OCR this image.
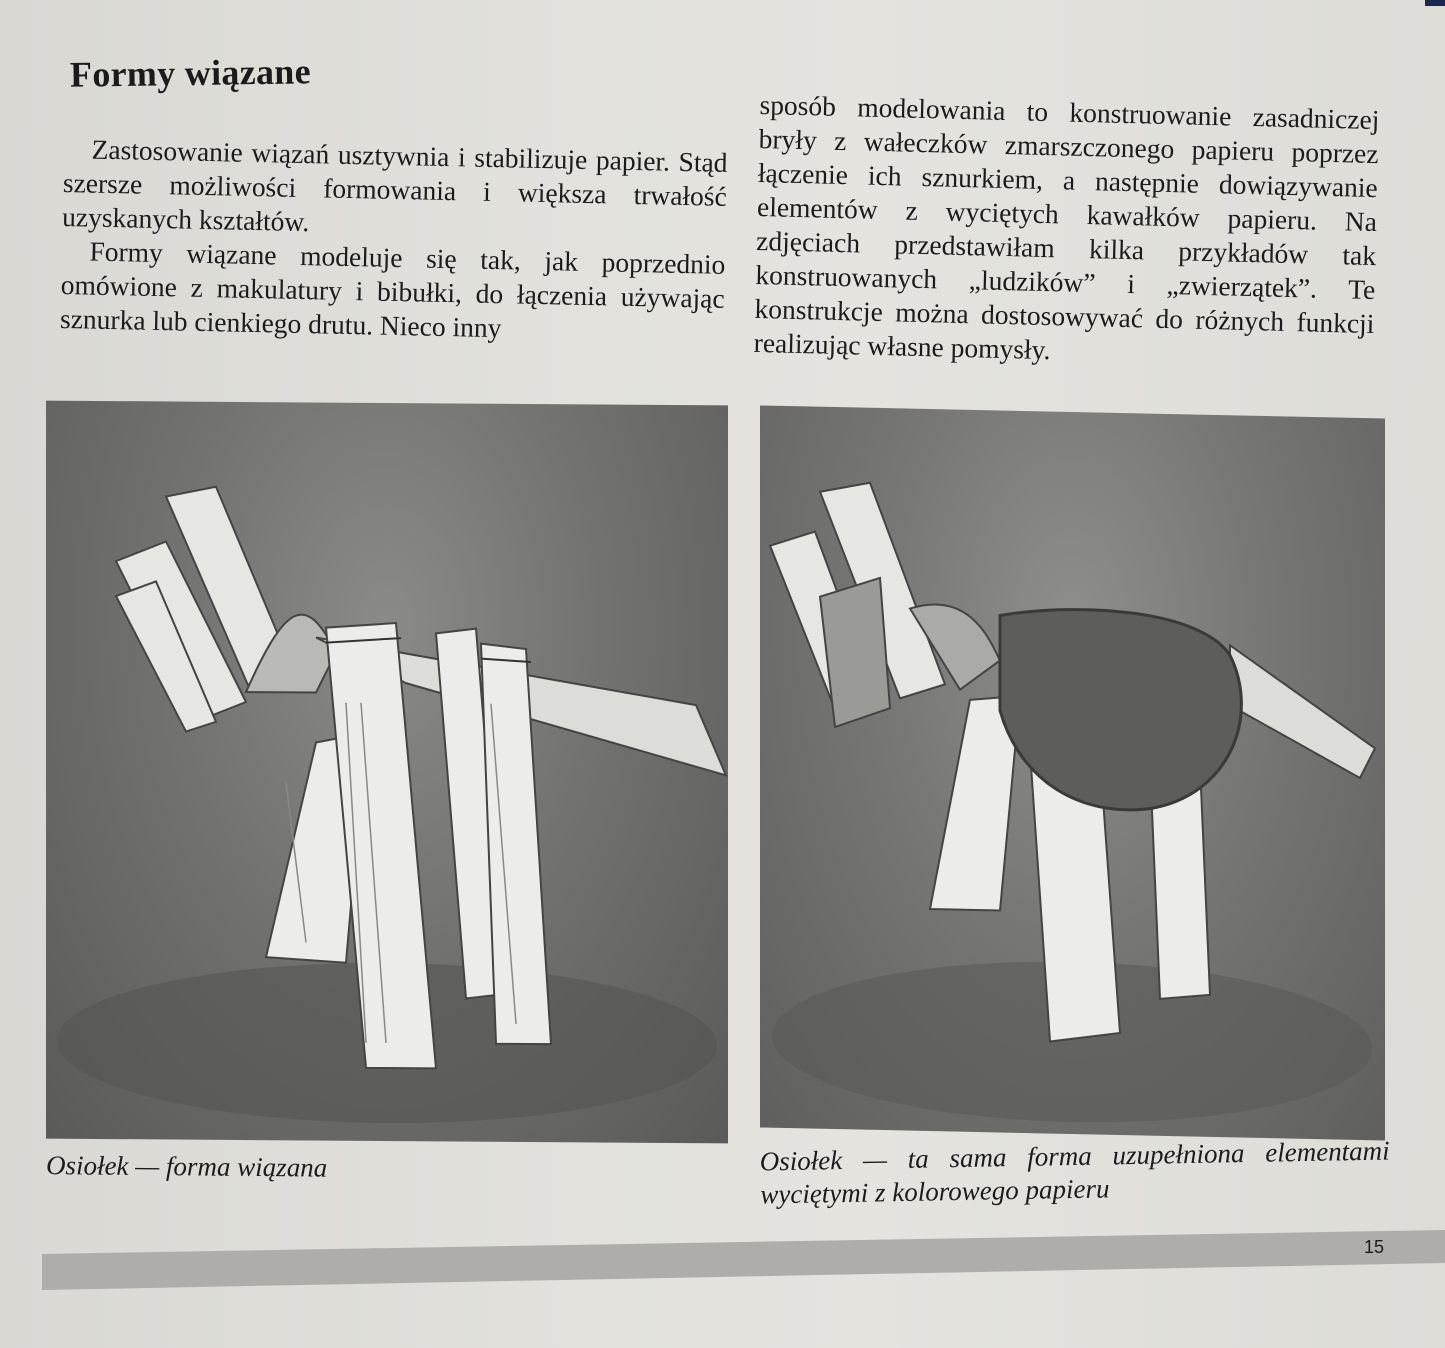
Formy wiązane

Zastosowanie wiązań usztywnia i stabilizuje papier. Stąd szersze możliwości formowania i większa trwałość uzyskanych kształtów.

Formy wiązane modeluje się tak, jak poprzednio omówione z makulatury i bibułki, do łączenia używając sznurka lub cienkiego drutu. Nieco inny

sposób modelowania to konstruowanie zasadniczej bryły z wałeczków zmarszczonego papieru poprzez łączenie ich sznurkiem, a następnie dowiązywanie elementów z wyciętych kawałków papieru. Na zdjęciach przedstawiłam kilka przykładów tak konstruowanych „ludzików” i „zwierzątek”. Te konstrukcje można dostosowywać do różnych funkcji realizując własne pomysły.

Osiołek — forma wiązana	Osiołek — ta sama forma uzupełniona elementami wyciętymi z kolorowego papieru

15
